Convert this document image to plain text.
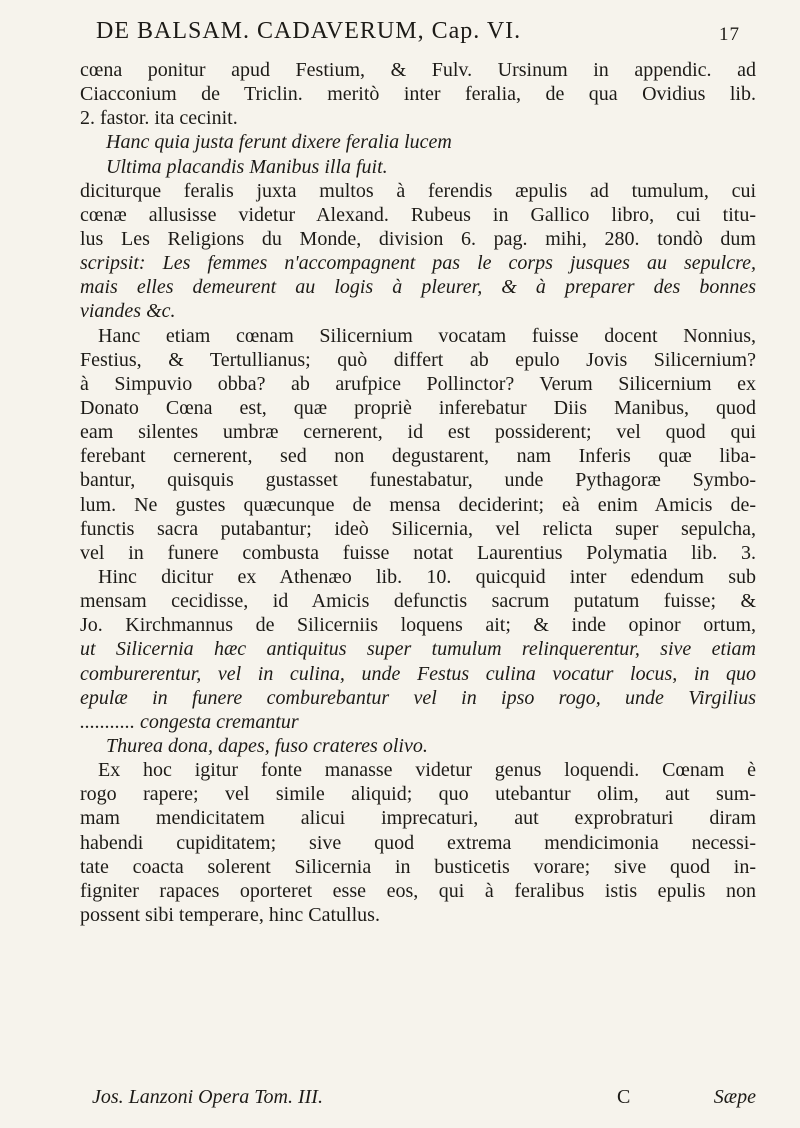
DE BALSAM. CADAVERUM, Cap. VI.	17
cœna ponitur apud Festium, & Fulv. Ursinum in appendic. ad
Ciacconium de Triclin. meritò inter feralia, de qua Ovidius lib.
2. fastor. ita cecinit.
Hanc quia justa ferunt dixere feralia lucem
Ultima placandis Manibus illa fuit.
diciturque feralis juxta multos à ferendis æpulis ad tumulum, cui
cœnæ allusisse videtur Alexand. Rubeus in Gallico libro, cui titu-
lus Les Religions du Monde, division 6. pag. mihi, 280. tondò dum
scripsit: Les femmes n'accompagnent pas le corps jusques au sepulcre,
mais elles demeurent au logis à pleurer, & à preparer des bonnes
viandes &c.
Hanc etiam cœnam Silicernium vocatam fuisse docent Nonnius,
Festius, & Tertullianus; quò differt ab epulo Jovis Silicernium?
à Simpuvio obba? ab arufpice Pollinctor? Verum Silicernium ex
Donato Cœna est, quæ propriè inferebatur Diis Manibus, quod
eam silentes umbræ cernerent, id est possiderent; vel quod qui
ferebant cernerent, sed non degustarent, nam Inferis quæ liba-
bantur, quisquis gustasset funestabatur, unde Pythagoræ Symbo-
lum. Ne gustes quæcunque de mensa deciderint; eà enim Amicis de-
functis sacra putabantur; ideò Silicernia, vel relicta super sepulcha,
vel in funere combusta fuisse notat Laurentius Polymatia lib. 3.
Hinc dicitur ex Athenæo lib. 10. quicquid inter edendum sub
mensam cecidisse, id Amicis defunctis sacrum putatum fuisse; &
Jo. Kirchmannus de Silicerniis loquens ait; & inde opinor ortum,
ut Silicernia hæc antiquitus super tumulum relinquerentur, sive etiam
comburerentur, vel in culina, unde Festus culina vocatur locus, in quo
epulæ in funere comburebantur vel in ipso rogo, unde Virgilius
........... congesta cremantur
Thurea dona, dapes, fuso crateres olivo.
Ex hoc igitur fonte manasse videtur genus loquendi. Cœnam è
rogo rapere; vel simile aliquid; quo utebantur olim, aut sum-
mam mendicitatem alicui imprecaturi, aut exprobraturi diram
habendi cupiditatem; sive quod extrema mendicimonia necessi-
tate coacta solerent Silicernia in busticetis vorare; sive quod in-
figniter rapaces oporteret esse eos, qui à feralibus istis epulis non
possent sibi temperare, hinc Catullus.
Jos. Lanzoni Opera Tom. III.	C	Sæpe
